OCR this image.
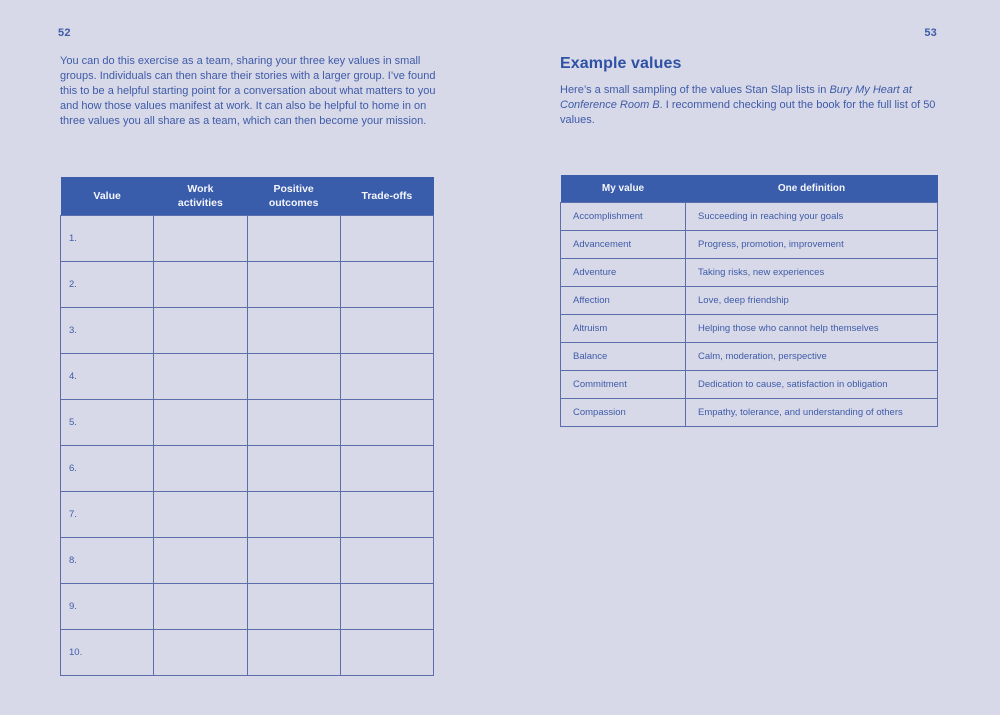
52

You can do this exercise as a team, sharing your three key values in small groups. Individuals can then share their stories with a larger group. I’ve found this to be a helpful starting point for a conversation about what matters to you and how those values manifest at work. It can also be helpful to home in on three values you all share as a team, which can then become your mission.

Value	Work activities	Positive outcomes	Trade-offs
1.			
2.			
3.			
4.			
5.			
6.			
7.			
8.			
9.			
10.			
53
Example values

Here’s a small sampling of the values Stan Slap lists in Bury My Heart at Conference Room B. I recommend checking out the book for the full list of 50 values.

My value	One definition
Accomplishment	Succeeding in reaching your goals
Advancement	Progress, promotion, improvement
Adventure	Taking risks, new experiences
Affection	Love, deep friendship
Altruism	Helping those who cannot help themselves
Balance	Calm, moderation, perspective
Commitment	Dedication to cause, satisfaction in obligation
Compassion	Empathy, tolerance, and understanding of others
